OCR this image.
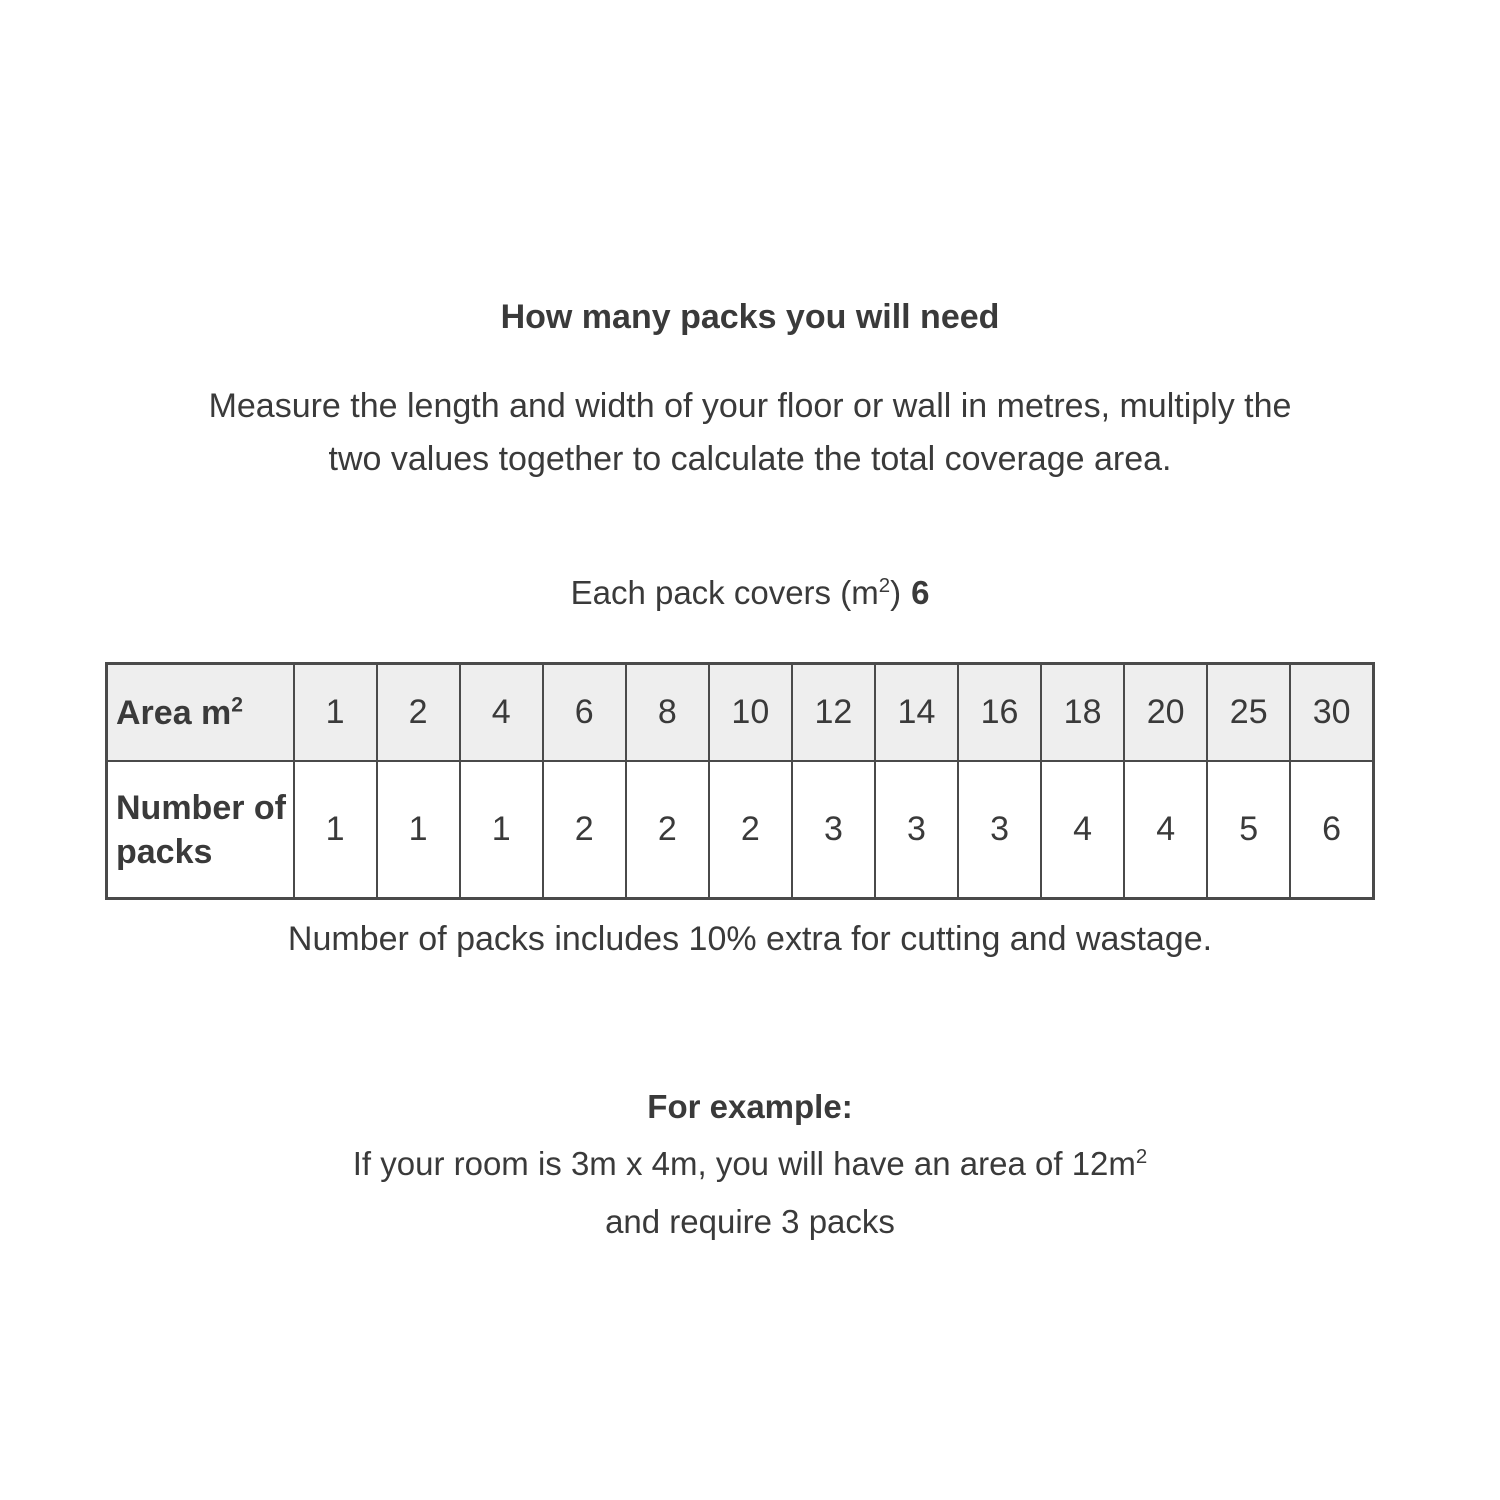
How many packs you will need

Measure the length and width of your floor or wall in metres, multiply the
two values together to calculate the total coverage area.

Each pack covers $(m^2)$ 6

Area $m^2$	1	2	4	6	8	10	12	14	16	18	20	25	30
Number of packs	1	1	1	2	2	2	3	3	3	4	4	5	6

Number of packs includes 10% extra for cutting and wastage.

For example:

If your room is 3m x 4m, you will have an area of $12m^2$

and require 3 packs
